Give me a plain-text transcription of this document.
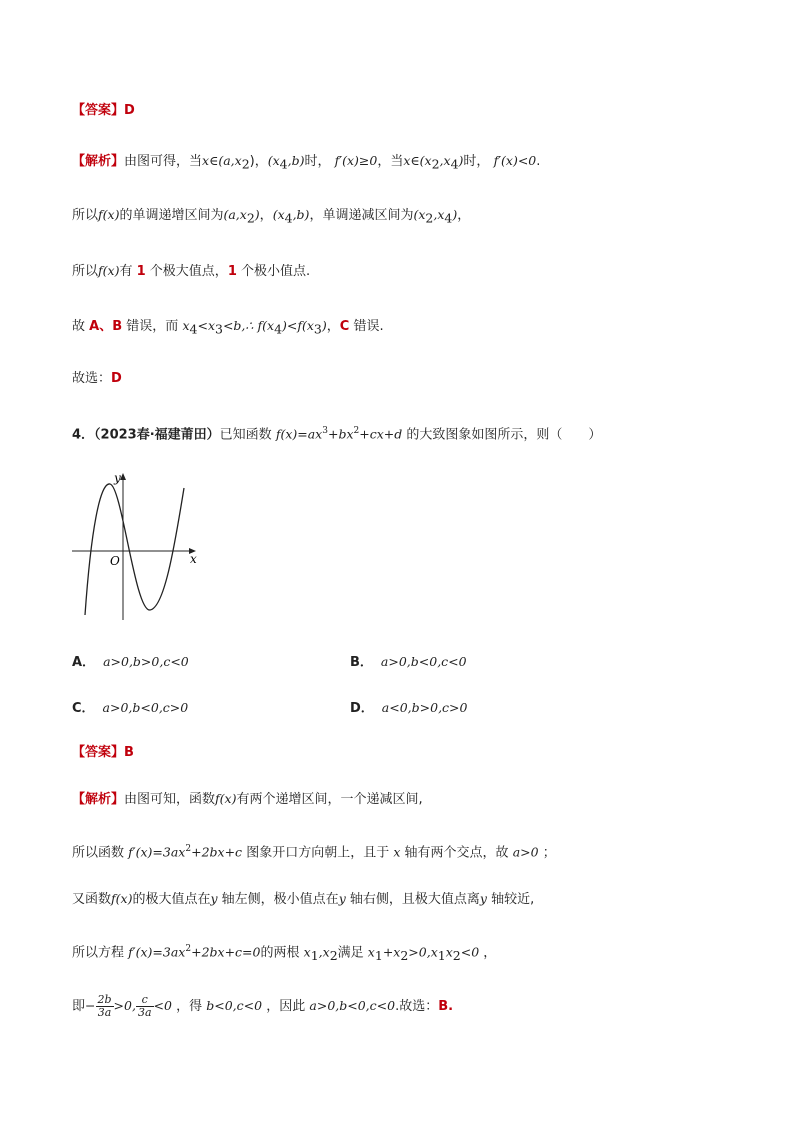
【答案】D
【解析】由图可得，当$x\in(a,x_2)$，$(x_4,b)$时， f′(x)≥0，当$x\in(x_2,x_4)$时， f′(x)<0.
所以f(x)的单调递增区间为$(a,x_2)$，$(x_4,b)$，单调递减区间为$(x_2,x_4)$，
所以f(x)有 1 个极大值点，1 个极小值点.
故 A、B 错误，而 $x_4<x_3<b,\therefore$ $f(x_4)<f(x_3)$，C 错误.
故选：D
4．（2023春·福建莆田）已知函数 $f(x)=ax^3+bx^2+cx+d$ 的大致图象如图所示，则（　　）
y
x
O
A． a>0,b>0,c<0	B． a>0,b<0,c<0
C． a>0,b<0,c>0	D． a<0,b>0,c>0
【答案】B
【解析】由图可知，函数f(x)有两个递增区间，一个递减区间,
所以函数 $f'(x)=3ax^2+2bx+c$ 图象开口方向朝上，且于 x 轴有两个交点，故 a>0 ；
又函数f(x)的极大值点在y 轴左侧，极小值点在y 轴右侧，且极大值点离y 轴较近,
所以方程 $f'(x)=3ax^2+2bx+c=0$的两根 $x_1,x_2$满足 $x_1+x_2>0,x_1x_2<0$ ，
即− $\frac{2b}{3a} >0$, $\frac{c}{3a} <0$ ，得 b<0,c<0 ，因此 a>0,b<0,c<0.故选：B.
